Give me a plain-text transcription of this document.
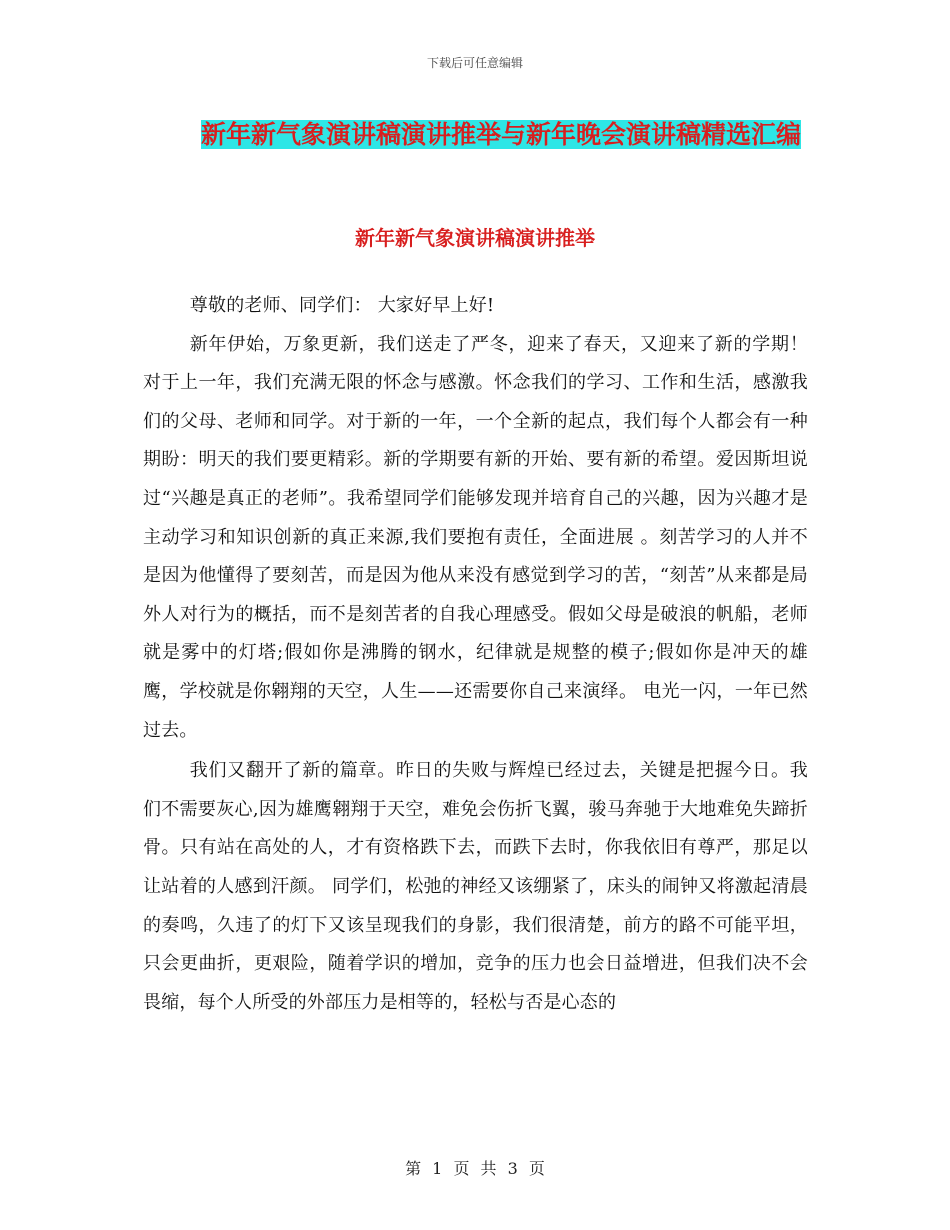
下载后可任意编辑
新年新气象演讲稿演讲推举与新年晚会演讲稿精选汇编
新年新气象演讲稿演讲推举

尊敬的老师、同学们： 大家好早上好!

新年伊始，万象更新，我们送走了严冬，迎来了春天，又迎来了新的学期！对于上一年，我们充满无限的怀念与感激。怀念我们的学习、工作和生活，感激我们的父母、老师和同学。对于新的一年，一个全新的起点，我们每个人都会有一种期盼：明天的我们要更精彩。新的学期要有新的开始、要有新的希望。爱因斯坦说过“兴趣是真正的老师”。我希望同学们能够发现并培育自己的兴趣，因为兴趣才是主动学习和知识创新的真正来源,我们要抱有责任，全面进展 。刻苦学习的人并不是因为他懂得了要刻苦，而是因为他从来没有感觉到学习的苦，“刻苦”从来都是局外人对行为的概括，而不是刻苦者的自我心理感受。假如父母是破浪的帆船，老师就是雾中的灯塔;假如你是沸腾的钢水，纪律就是规整的模子;假如你是冲天的雄鹰，学校就是你翱翔的天空，人生——还需要你自己来演绎。 电光一闪，一年已然过去。

我们又翻开了新的篇章。昨日的失败与辉煌已经过去，关键是把握今日。我们不需要灰心,因为雄鹰翱翔于天空，难免会伤折飞翼，骏马奔驰于大地难免失蹄折骨。只有站在高处的人，才有资格跌下去，而跌下去时，你我依旧有尊严，那足以让站着的人感到汗颜。 同学们，松弛的神经又该绷紧了，床头的闹钟又将激起清晨的奏鸣，久违了的灯下又该呈现我们的身影，我们很清楚，前方的路不可能平坦，只会更曲折，更艰险，随着学识的增加，竞争的压力也会日益增进，但我们决不会畏缩，每个人所受的外部压力是相等的，轻松与否是心态的

第 1 页 共 3 页
